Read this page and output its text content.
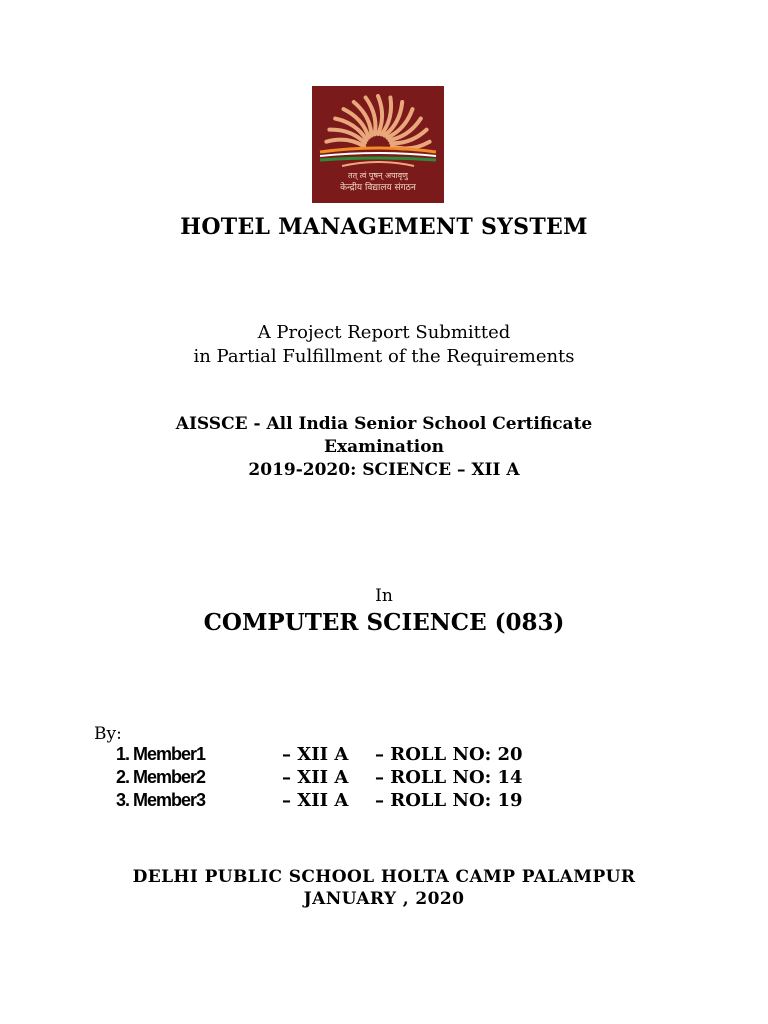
तत् त्वं पूषन् अपावृणु
केन्द्रीय विद्यालय संगठन
HOTEL MANAGEMENT SYSTEM
A Project Report Submitted
in Partial Fulfillment of the Requirements
AISSCE - All India Senior School Certificate
Examination
2019-2020: SCIENCE – XII A
In
COMPUTER SCIENCE (083)
By:
1. Member1	– XII A – ROLL NO: 20
2. Member2	– XII A – ROLL NO: 14
3. Member3	– XII A – ROLL NO: 19
DELHI PUBLIC SCHOOL HOLTA CAMP PALAMPUR
JANUARY , 2020
